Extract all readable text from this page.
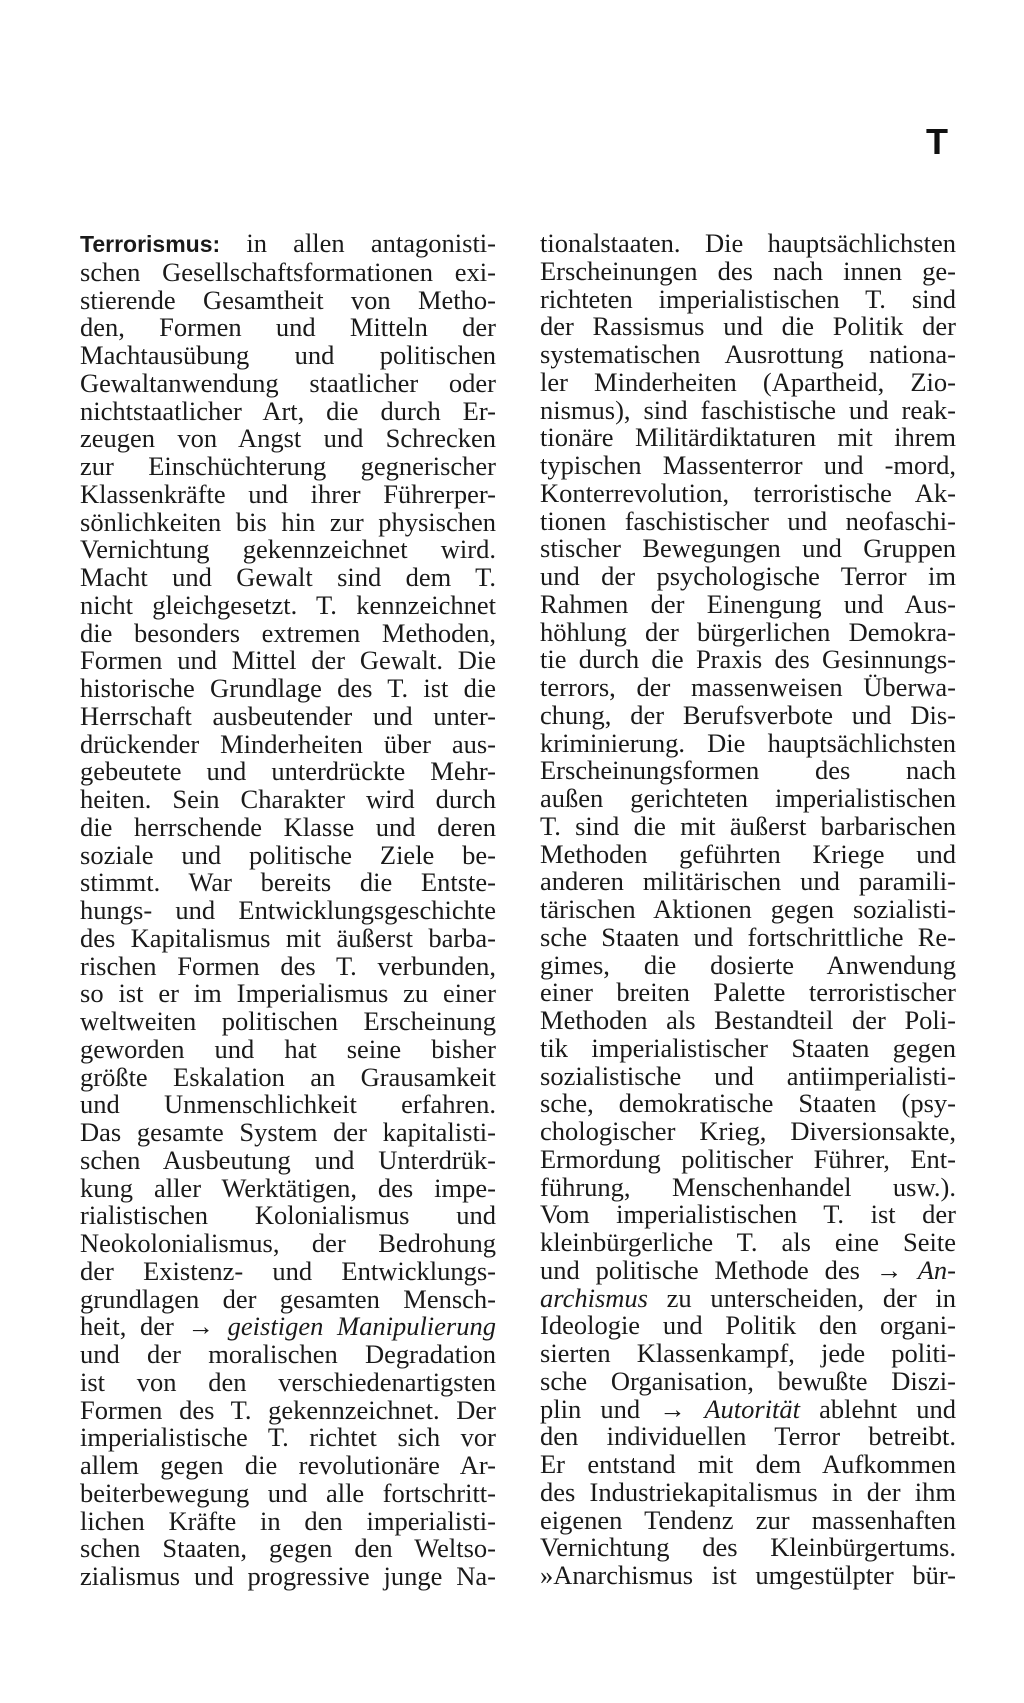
T
Terrorismus: in allen antagonisti-
schen Gesellschaftsformationen exi-
stierende Gesamtheit von Metho-
den, Formen und Mitteln der
Machtausübung und politischen
Gewaltanwendung staatlicher oder
nichtstaatlicher Art, die durch Er-
zeugen von Angst und Schrecken
zur Einschüchterung gegnerischer
Klassenkräfte und ihrer Führerper-
sönlichkeiten bis hin zur physischen
Vernichtung gekennzeichnet wird.
Macht und Gewalt sind dem T.
nicht gleichgesetzt. T. kennzeichnet
die besonders extremen Methoden,
Formen und Mittel der Gewalt. Die
historische Grundlage des T. ist die
Herrschaft ausbeutender und unter-
drückender Minderheiten über aus-
gebeutete und unterdrückte Mehr-
heiten. Sein Charakter wird durch
die herrschende Klasse und deren
soziale und politische Ziele be-
stimmt. War bereits die Entste-
hungs- und Entwicklungsgeschichte
des Kapitalismus mit äußerst barba-
rischen Formen des T. verbunden,
so ist er im Imperialismus zu einer
weltweiten politischen Erscheinung
geworden und hat seine bisher
größte Eskalation an Grausamkeit
und Unmenschlichkeit erfahren.
Das gesamte System der kapitalisti-
schen Ausbeutung und Unterdrük-
kung aller Werktätigen, des impe-
rialistischen Kolonialismus und
Neokolonialismus, der Bedrohung
der Existenz- und Entwicklungs-
grundlagen der gesamten Mensch-
heit, der → geistigen Manipulierung
und der moralischen Degradation
ist von den verschiedenartigsten
Formen des T. gekennzeichnet. Der
imperialistische T. richtet sich vor
allem gegen die revolutionäre Ar-
beiterbewegung und alle fortschritt-
lichen Kräfte in den imperialisti-
schen Staaten, gegen den Weltso-
zialismus und progressive junge Na-
tionalstaaten. Die hauptsächlichsten
Erscheinungen des nach innen ge-
richteten imperialistischen T. sind
der Rassismus und die Politik der
systematischen Ausrottung nationa-
ler Minderheiten (Apartheid, Zio-
nismus), sind faschistische und reak-
tionäre Militärdiktaturen mit ihrem
typischen Massenterror und -mord,
Konterrevolution, terroristische Ak-
tionen faschistischer und neofaschi-
stischer Bewegungen und Gruppen
und der psychologische Terror im
Rahmen der Einengung und Aus-
höhlung der bürgerlichen Demokra-
tie durch die Praxis des Gesinnungs-
terrors, der massenweisen Überwa-
chung, der Berufsverbote und Dis-
kriminierung. Die hauptsächlichsten
Erscheinungsformen des nach
außen gerichteten imperialistischen
T. sind die mit äußerst barbarischen
Methoden geführten Kriege und
anderen militärischen und paramili-
tärischen Aktionen gegen sozialisti-
sche Staaten und fortschrittliche Re-
gimes, die dosierte Anwendung
einer breiten Palette terroristischer
Methoden als Bestandteil der Poli-
tik imperialistischer Staaten gegen
sozialistische und antiimperialisti-
sche, demokratische Staaten (psy-
chologischer Krieg, Diversionsakte,
Ermordung politischer Führer, Ent-
führung, Menschenhandel usw.).
Vom imperialistischen T. ist der
kleinbürgerliche T. als eine Seite
und politische Methode des → An-
archismus zu unterscheiden, der in
Ideologie und Politik den organi-
sierten Klassenkampf, jede politi-
sche Organisation, bewußte Diszi-
plin und → Autorität ablehnt und
den individuellen Terror betreibt.
Er entstand mit dem Aufkommen
des Industriekapitalismus in der ihm
eigenen Tendenz zur massenhaften
Vernichtung des Kleinbürgertums.
»Anarchismus ist umgestülpter bür-
